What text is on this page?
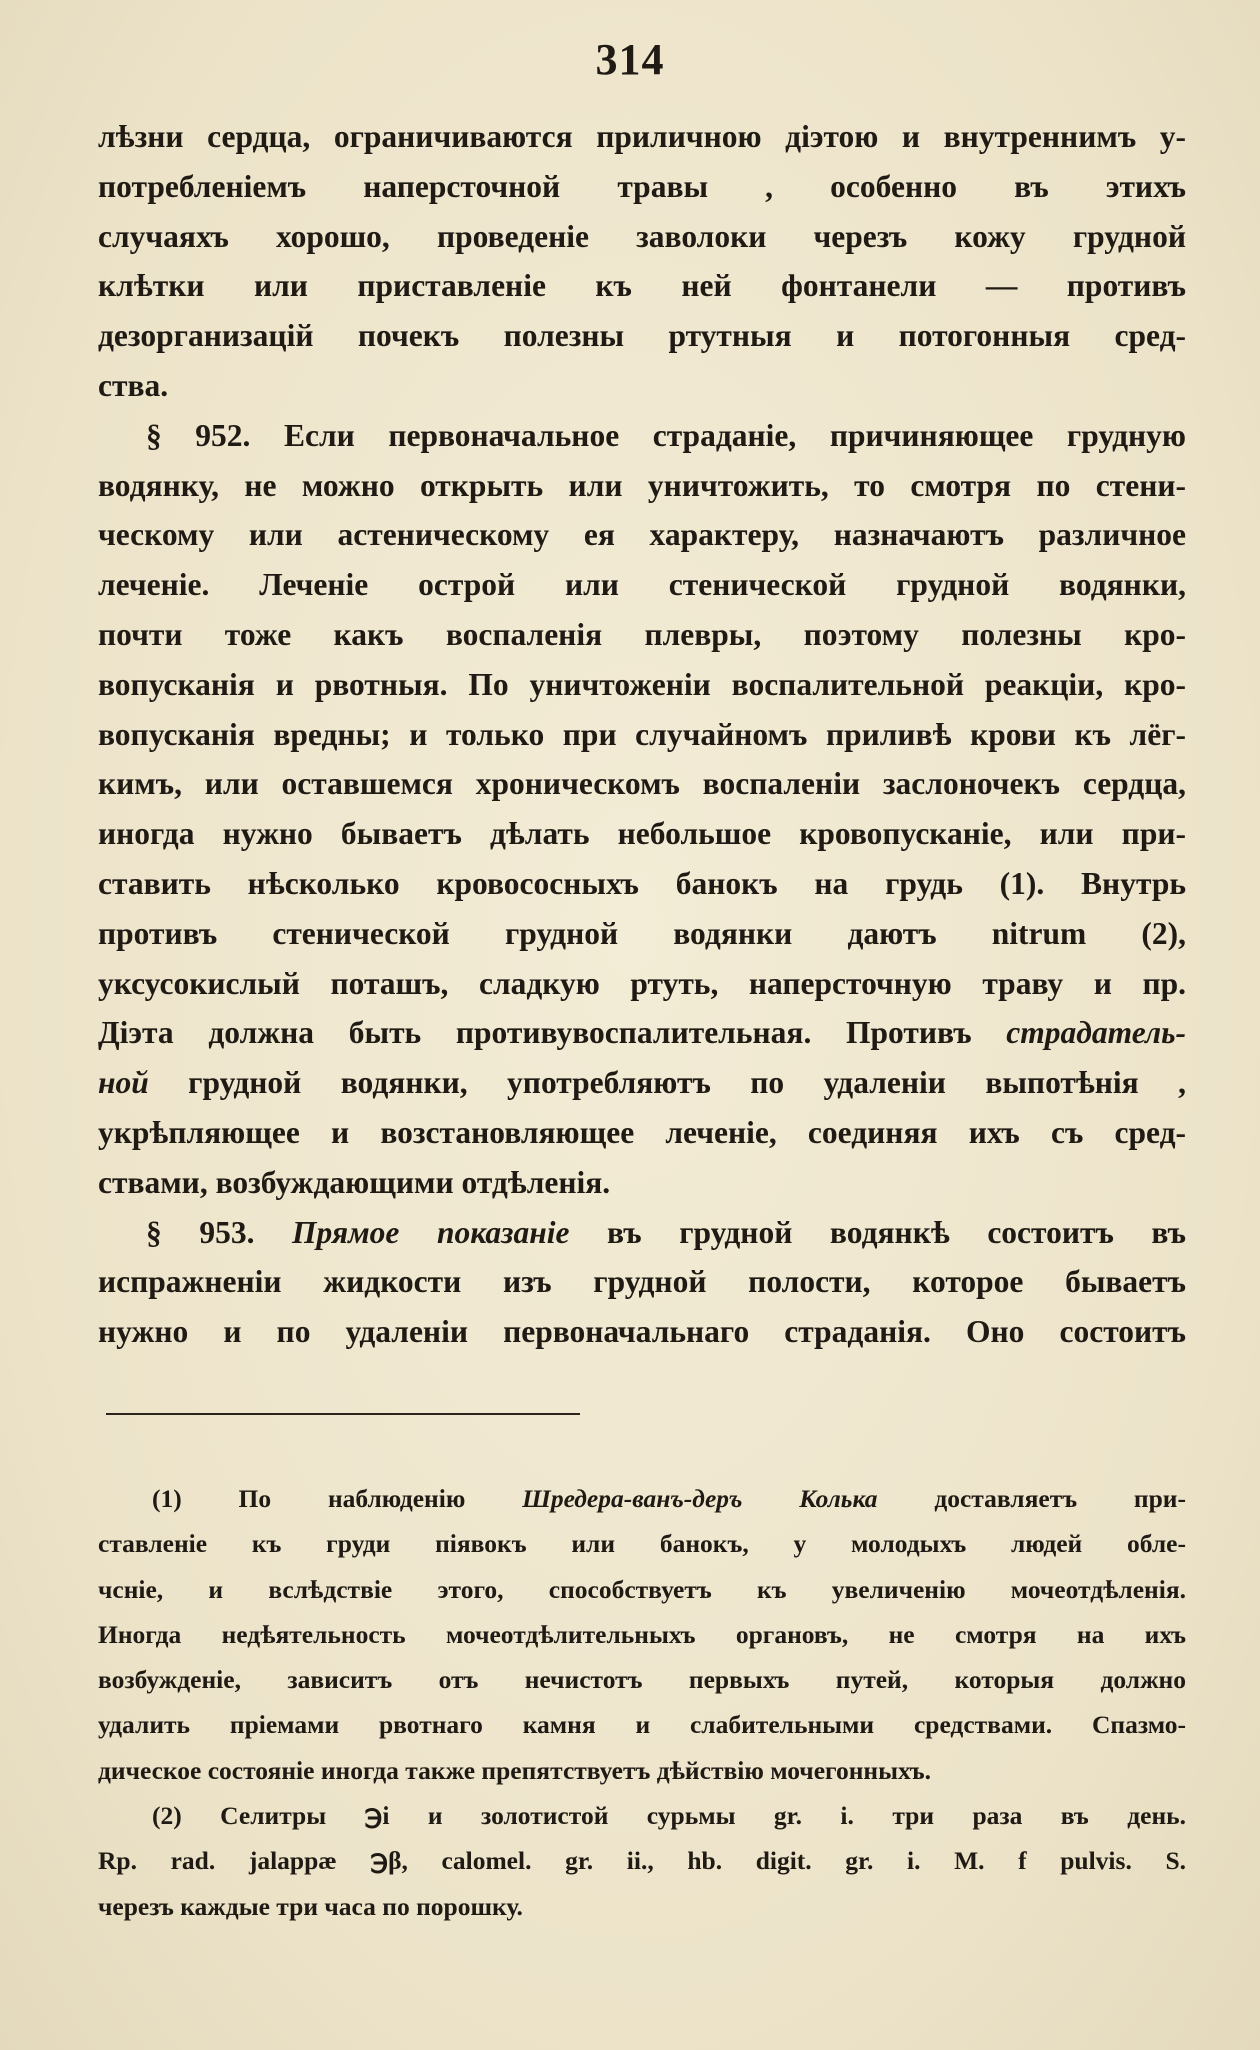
314
лѣзни сердца, ограничиваются приличною діэтою и внутреннимъ у-
потребленіемъ наперсточной травы , особенно въ этихъ
случаяхъ хорошо, проведеніе заволоки черезъ кожу грудной
клѣтки или приставленіе къ ней фонтанели — противъ
дезорганизацій почекъ полезны ртутныя и потогонныя сред-
ства.
§ 952. Если первоначальное страданіе, причиняющее грудную
водянку, не можно открыть или уничтожить, то смотря по стени-
ческому или астеническому ея характеру, назначаютъ различное
леченіе. Леченіе острой или стенической грудной водянки,
почти тоже какъ воспаленія плевры, поэтому полезны кро-
вопусканія и рвотныя. По уничтоженіи воспалительной реакціи, кро-
вопусканія вредны; и только при случайномъ приливѣ крови къ лёг-
кимъ, или оставшемся хроническомъ воспаленіи заслоночекъ сердца,
иногда нужно бываетъ дѣлать небольшое кровопусканіе, или при-
ставить нѣсколько кровососныхъ банокъ на грудь (1). Внутрь
противъ стенической грудной водянки даютъ nitrum (2),
уксусокислый поташъ, сладкую ртуть, наперсточную траву и пр.
Діэта должна быть противувоспалительная. Противъ страдатель-
ной грудной водянки, употребляютъ по удаленіи выпотѣнія ,
укрѣпляющее и возстановляющее леченіе, соединяя ихъ съ сред-
ствами, возбуждающими отдѣленія.
§ 953. Прямое показаніе въ грудной водянкѣ состоитъ въ
испражненіи жидкости изъ грудной полости, которое бываетъ
нужно и по удаленіи первоначальнаго страданія. Оно состоитъ
(1) По наблюденію Шредера-ванъ-деръ Колька доставляетъ при-
ставленіе къ груди піявокъ или банокъ, у молодыхъ людей обле-
чсніе, и вслѣдствіе этого, способствуетъ къ увеличенію мочеотдѣленія.
Иногда недѣятельность мочеотдѣлительныхъ органовъ, не смотря на ихъ
возбужденіе, зависитъ отъ нечистотъ первыхъ путей, которыя должно
удалить пріемами рвотнаго камня и слабительными средствами. Спазмо-
дическое состояніе иногда также препятствуетъ дѣйствію мочегонныхъ.
(2) Селитры ℈і и золотистой сурьмы gr. i. три раза въ день.
Rp. rad. jalappæ ℈β, calomel. gr. ii., hb. digit. gr. i. M. f pulvis. S.
черезъ каждые три часа по порошку.
